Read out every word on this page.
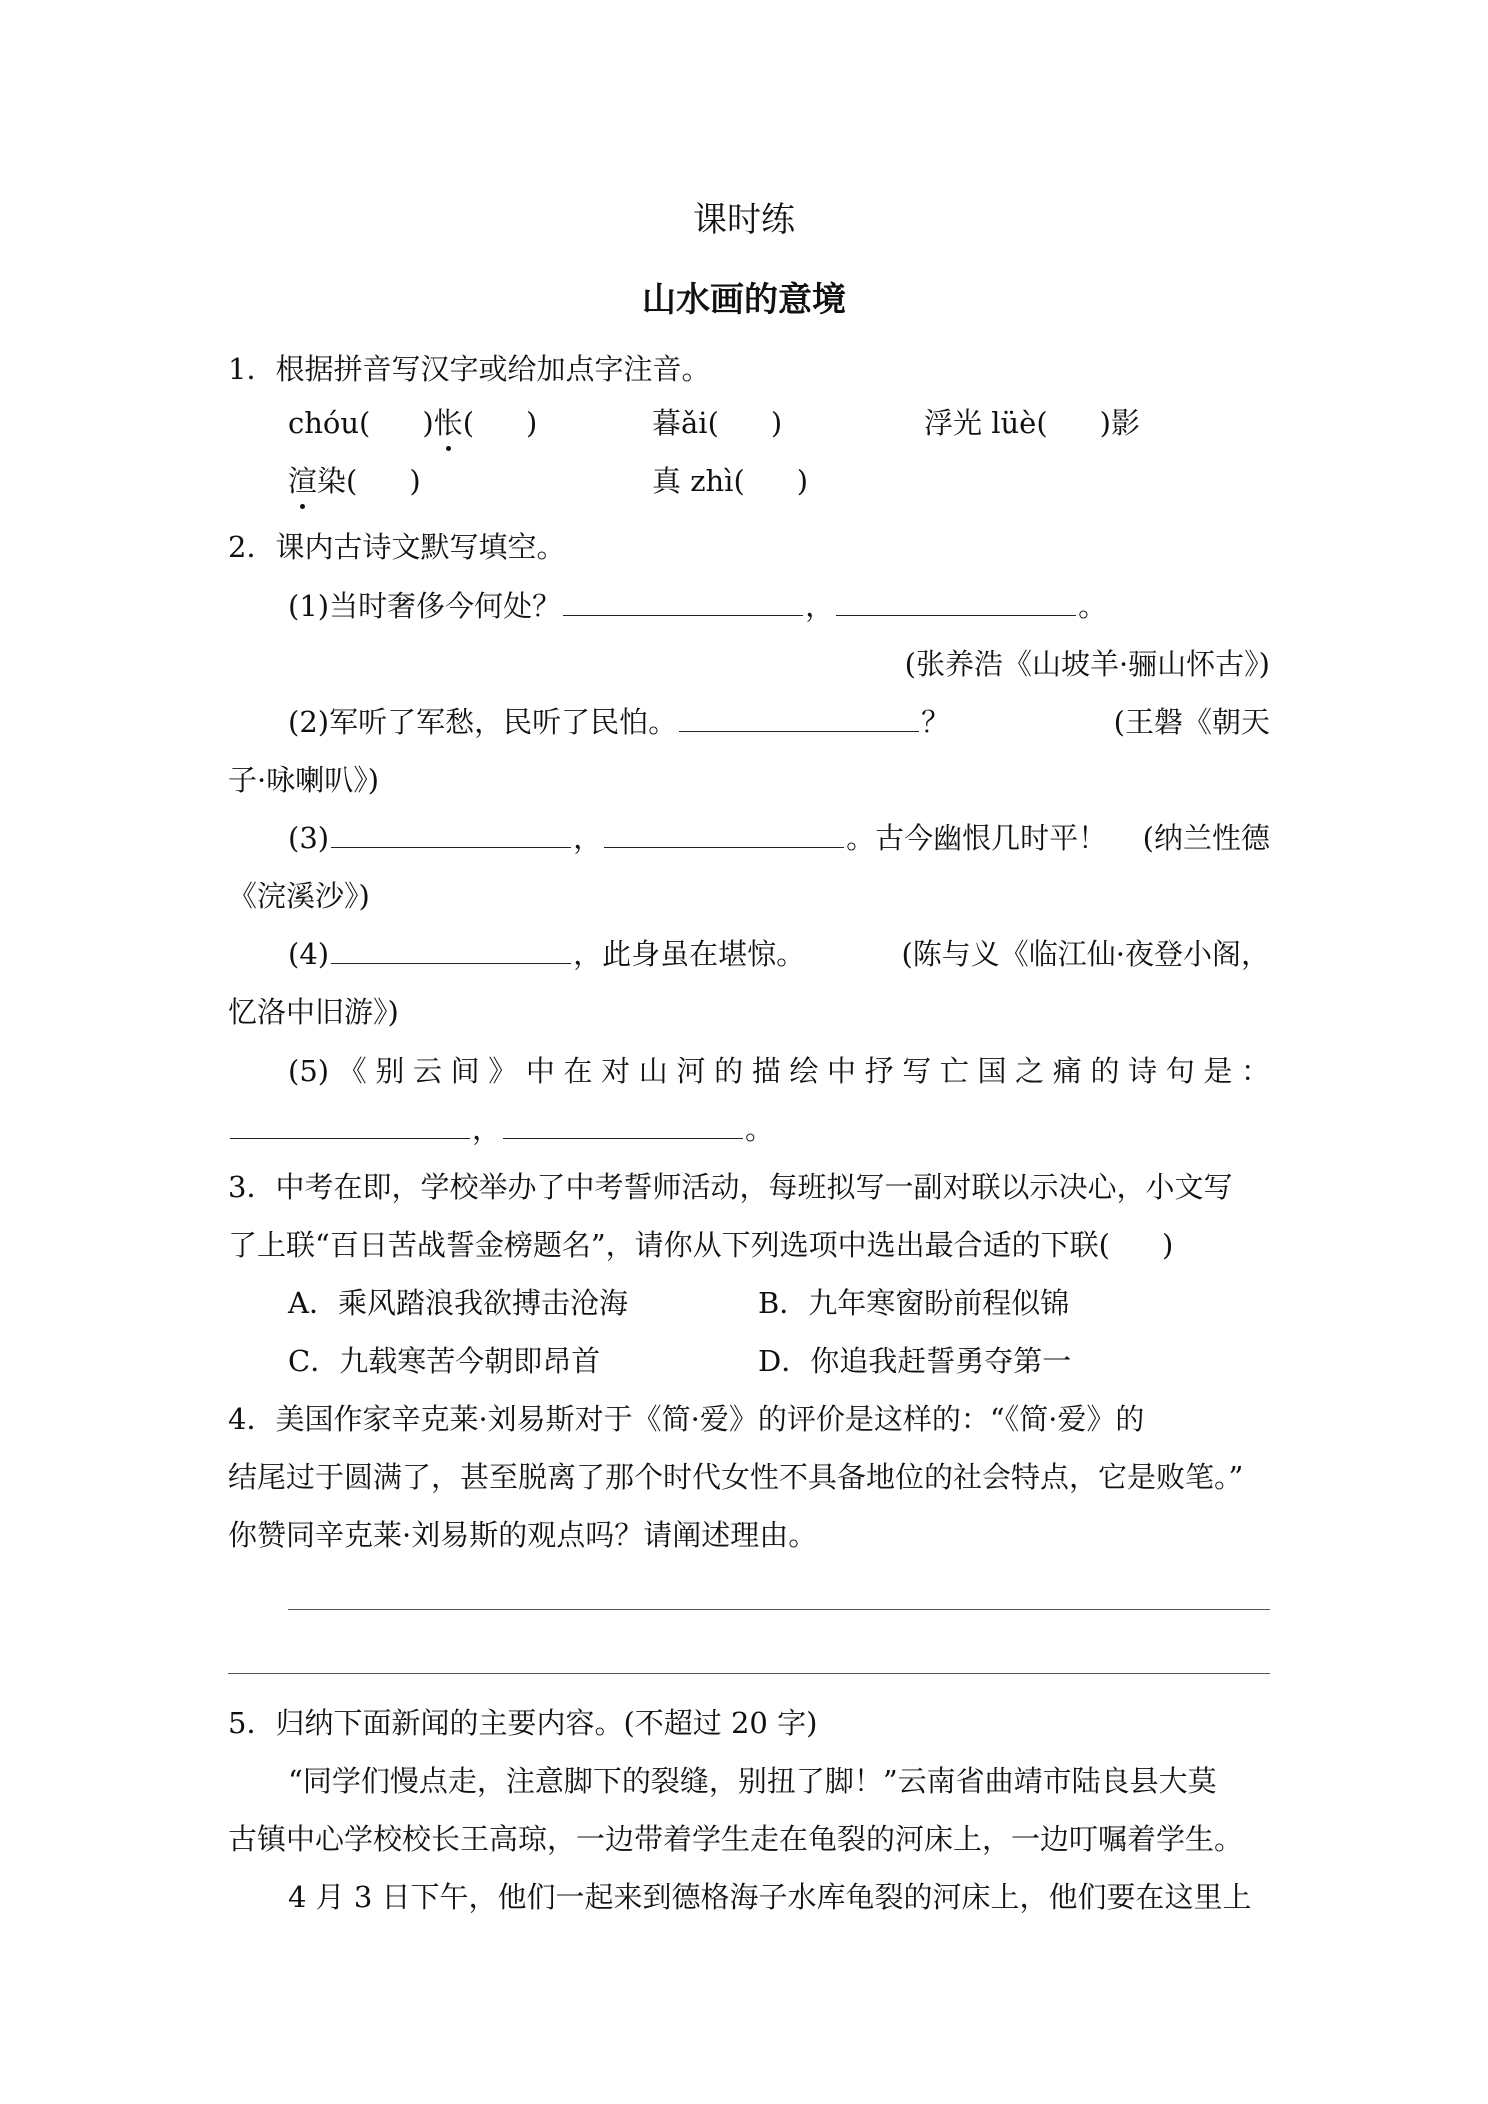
课时练
山水画的意境
1．根据拼音写汉字或给加点字注音。
chóu( )怅( )	暮ǎi( )	浮光 lüè( )影
渲染( )	真 zhì( )
2．课内古诗文默写填空。
(1)当时奢侈今何处？	，	。
(张养浩《山坡羊·骊山怀古》)
(2)军听了军愁，民听了民怕。	？	(王磐《朝天
子·咏喇叭》)
(3)	，	。古今幽恨几时平！ (纳兰性德
《浣溪沙》)
(4)	，此身虽在堪惊。	(陈与义《临江仙·夜登小阁，
忆洛中旧游》)
(5)《别云间》中在对山河的描绘中抒写亡国之痛的诗句是：
，	。
3．中考在即，学校举办了中考誓师活动，每班拟写一副对联以示决心，小文写
了上联“百日苦战誓金榜题名”，请你从下列选项中选出最合适的下联( )
A．乘风踏浪我欲搏击沧海	B．九年寒窗盼前程似锦
C．九载寒苦今朝即昂首	D．你追我赶誓勇夺第一
4．美国作家辛克莱·刘易斯对于《简·爱》的评价是这样的：“《简·爱》的
结尾过于圆满了，甚至脱离了那个时代女性不具备地位的社会特点，它是败笔。”
你赞同辛克莱·刘易斯的观点吗？请阐述理由。
5．归纳下面新闻的主要内容。(不超过 20 字)
“同学们慢点走，注意脚下的裂缝，别扭了脚！”云南省曲靖市陆良县大莫
古镇中心学校校长王高琼，一边带着学生走在龟裂的河床上，一边叮嘱着学生。
4 月 3 日下午，他们一起来到德格海子水库龟裂的河床上，他们要在这里上
